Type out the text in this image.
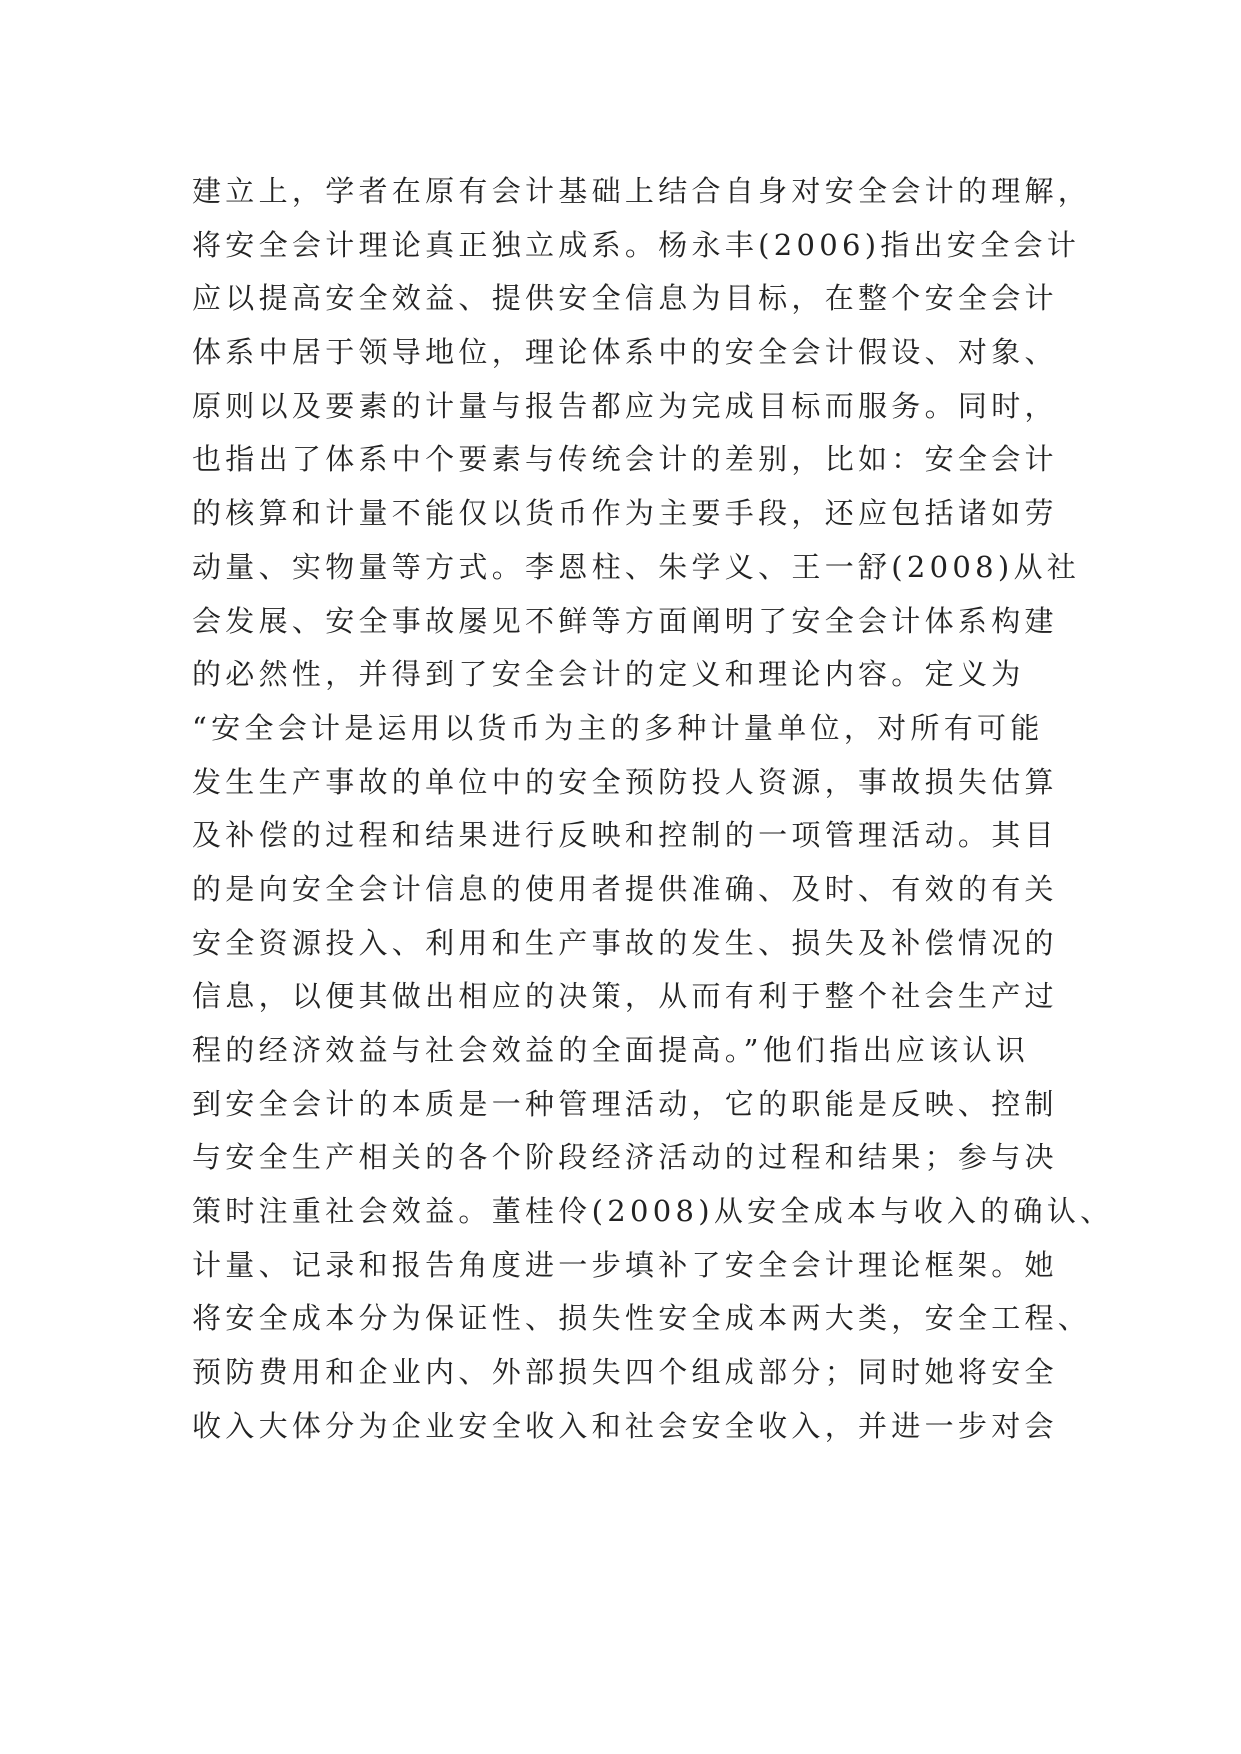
建立上，学者在原有会计基础上结合自身对安全会计的理解，
将安全会计理论真正独立成系。杨永丰(2006)指出安全会计
应以提高安全效益、提供安全信息为目标，在整个安全会计
体系中居于领导地位，理论体系中的安全会计假设、对象、
原则以及要素的计量与报告都应为完成目标而服务。同时，
也指出了体系中个要素与传统会计的差别，比如：安全会计
的核算和计量不能仅以货币作为主要手段，还应包括诸如劳
动量、实物量等方式。李恩柱、朱学义、王一舒(2008)从社
会发展、安全事故屡见不鲜等方面阐明了安全会计体系构建
的必然性，并得到了安全会计的定义和理论内容。定义为
“安全会计是运用以货币为主的多种计量单位，对所有可能
发生生产事故的单位中的安全预防投人资源，事故损失估算
及补偿的过程和结果进行反映和控制的一项管理活动。其目
的是向安全会计信息的使用者提供准确、及时、有效的有关
安全资源投入、利用和生产事故的发生、损失及补偿情况的
信息，以便其做出相应的决策，从而有利于整个社会生产过
程的经济效益与社会效益的全面提高。”他们指出应该认识
到安全会计的本质是一种管理活动，它的职能是反映、控制
与安全生产相关的各个阶段经济活动的过程和结果；参与决
策时注重社会效益。董桂伶(2008)从安全成本与收入的确认、
计量、记录和报告角度进一步填补了安全会计理论框架。她
将安全成本分为保证性、损失性安全成本两大类，安全工程、
预防费用和企业内、外部损失四个组成部分；同时她将安全
收入大体分为企业安全收入和社会安全收入，并进一步对会
